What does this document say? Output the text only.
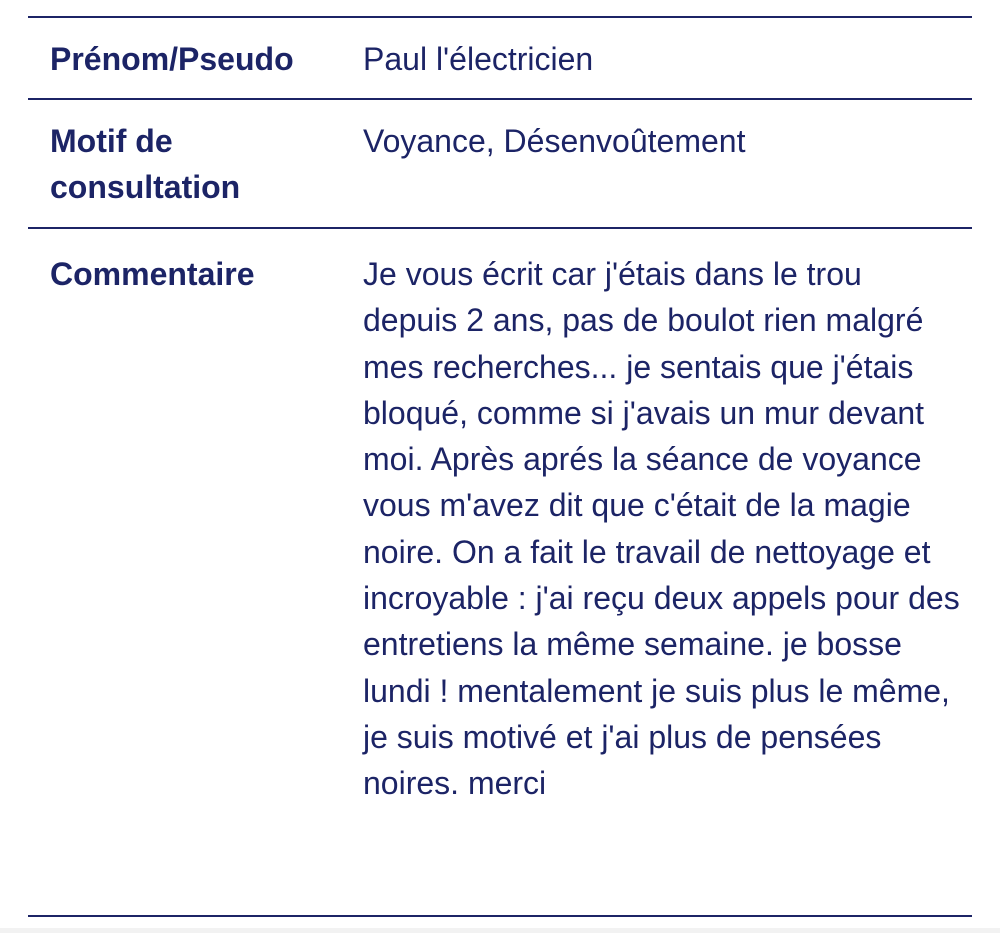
Prénom/Pseudo	Paul l'électricien
Motif de consultation
Voyance, Désenvoûtement
Commentaire	Je vous écrit car j'étais dans le trou depuis 2 ans, pas de boulot rien malgré mes recherches... je sentais que j'étais bloqué, comme si j'avais un mur devant moi. Après aprés la séance de voyance vous m'avez dit que c'était de la magie noire. On a fait le travail de nettoyage et incroyable : j'ai reçu deux appels pour des entretiens la même semaine. je bosse lundi ! mentalement je suis plus le même, je suis motivé et j'ai plus de pensées noires. merci
